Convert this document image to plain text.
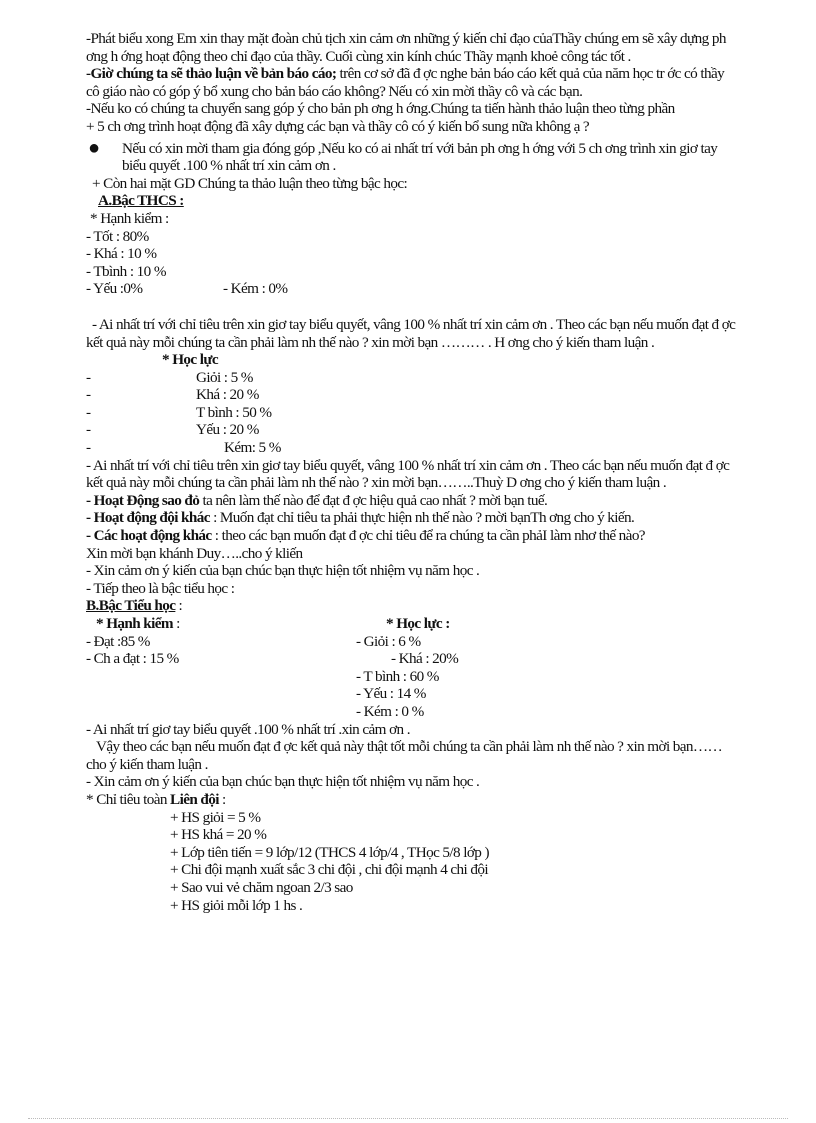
-Phát biểu xong Em xin thay mặt đoàn chủ tịch xin cảm ơn những ý kiến chỉ đạo củaThầy chúng em sẽ xây dựng ph ơng h ớng hoạt động theo chỉ đạo của thầy. Cuối cùng xin kính chúc Thầy mạnh khoẻ công tác tốt .

-Giờ chúng ta sẽ thảo luận về bản báo cáo; trên cơ sở đã đ ợc nghe bản báo cáo kết quả của năm học tr ớc có thầy cô giáo nào có góp ý bổ xung cho bản báo cáo không? Nếu có xin mời thầy cô và các bạn.

-Nếu ko có chúng ta chuyển sang góp ý cho bản ph ơng h ớng.Chúng ta tiến hành thảo luận theo từng phần

+ 5 ch ơng trình hoạt động đã xây dựng các bạn và thầy cô có ý kiến bổ sung nữa không ạ ?

●	Nếu có xin mời tham gia đóng góp ,Nếu ko có ai nhất trí với bản ph ơng h ớng với 5 ch ơng trình xin giơ tay biểu quyết .100 % nhất trí xin cảm ơn .

+ Còn hai mặt GD Chúng ta thảo luận theo từng bậc học:

A.Bậc THCS :

* Hạnh kiểm :

- Tốt : 80%

- Khá : 10 %

- Tbình : 10 %

- Yếu :0%	- Kém : 0%

- Ai nhất trí với chỉ tiêu trên xin giơ tay biểu quyết, vâng 100 % nhất trí xin cảm ơn . Theo các bạn nếu muốn đạt đ ợc kết quả này mỗi chúng ta cần phải làm nh thế nào ? xin mời bạn ……… . H ơng cho ý kiến tham luận .

* Học lực

-	Giỏi : 5 %
-	Khá : 20 %
-	T bình : 50 %
-	Yếu : 20 %
-	Kém: 5 %

- Ai nhất trí với chỉ tiêu trên xin giơ tay biểu quyết, vâng 100 % nhất trí xin cảm ơn . Theo các bạn nếu muốn đạt đ ợc kết quả này mỗi chúng ta cần phải làm nh thế nào ? xin mời bạn……..Thuỳ D ơng cho ý kiến tham luận .

- Hoạt Động sao đỏ ta nên làm thế nào để đạt đ ợc hiệu quả cao nhất ? mời bạn tuế.

- Hoạt động đội khác : Muốn đạt chỉ tiêu ta phải thực hiện nh thế nào ? mời bạnTh ơng cho ý kiến.

- Các hoạt động khác : theo các bạn muốn đạt đ ợc chỉ tiêu để ra chúng ta cần phảI làm nhơ thế nào?

Xin mời bạn khánh Duy…..cho ý kliến

- Xin cảm ơn ý kiến của bạn chúc bạn thực hiện tốt nhiệm vụ năm học .

- Tiếp theo là bậc tiểu học :

B.Bậc Tiểu học :

* Hạnh kiểm :	* Học lực :
- Đạt :85 %	- Giỏi : 6 %
- Ch a đạt : 15 %	- Khá : 20%

- T bình : 60 %

- Yếu : 14 %

- Kém : 0 %

- Ai nhất trí giơ tay biểu quyết .100 % nhất trí .xin cảm ơn .

Vậy theo các bạn nếu muốn đạt đ ợc kết quả này thật tốt mỗi chúng ta cần phải làm nh thế nào ? xin mời bạn…… cho ý kiến tham luận .

- Xin cảm ơn ý kiến của bạn chúc bạn thực hiện tốt nhiệm vụ năm học .

* Chỉ tiêu toàn Liên đội :

+ HS giỏi = 5 %

+ HS khá = 20 %

+ Lớp tiên tiến = 9 lớp/12 (THCS 4 lớp/4 , THọc 5/8 lớp )

+ Chi đội mạnh xuất sắc 3 chi đội , chi đội mạnh 4 chi đội

+ Sao vui vẻ chăm ngoan 2/3 sao

+ HS giỏi mỗi lớp 1 hs .
